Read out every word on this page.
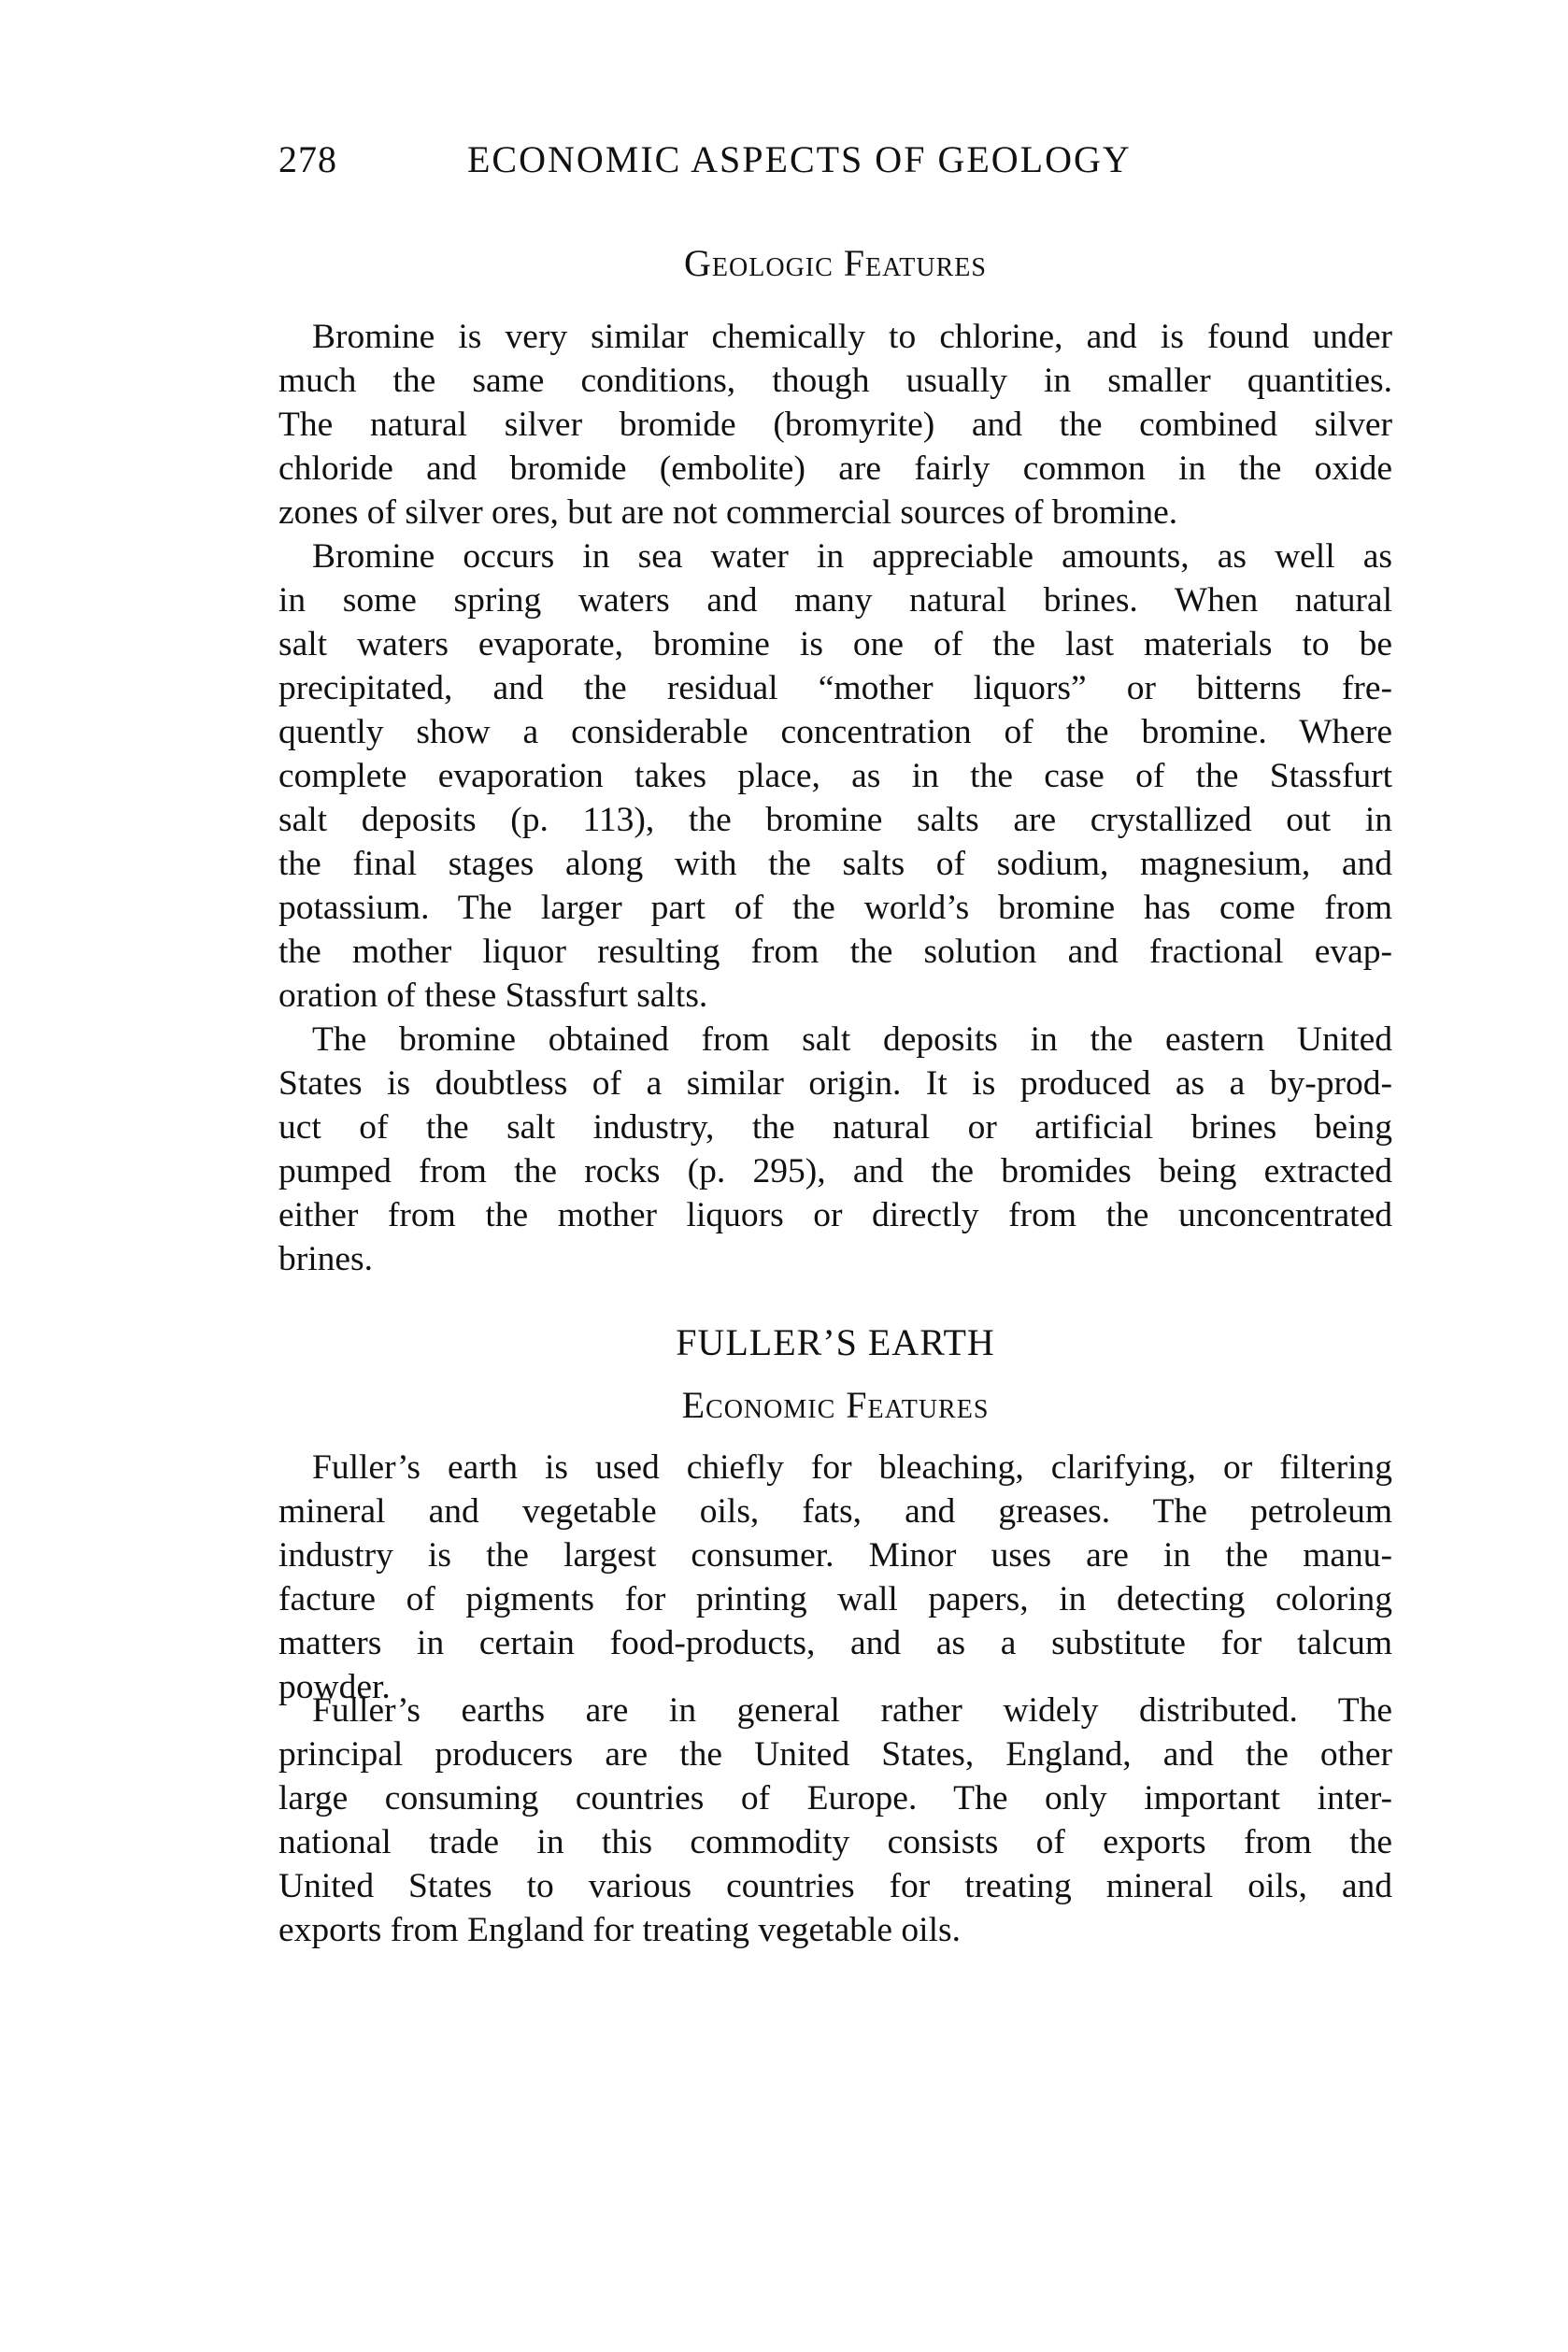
278	ECONOMIC ASPECTS OF GEOLOGY
Geologic Features
Bromine is very similar chemically to chlorine, and is found under
much the same conditions, though usually in smaller quantities.
The natural silver bromide (bromyrite) and the combined silver
chloride and bromide (embolite) are fairly common in the oxide
zones of silver ores, but are not commercial sources of bromine.
Bromine occurs in sea water in appreciable amounts, as well as
in some spring waters and many natural brines. When natural
salt waters evaporate, bromine is one of the last materials to be
precipitated, and the residual “mother liquors” or bitterns fre-
quently show a considerable concentration of the bromine. Where
complete evaporation takes place, as in the case of the Stassfurt
salt deposits (p. 113), the bromine salts are crystallized out in
the final stages along with the salts of sodium, magnesium, and
potassium. The larger part of the world’s bromine has come from
the mother liquor resulting from the solution and fractional evap-
oration of these Stassfurt salts.
The bromine obtained from salt deposits in the eastern United
States is doubtless of a similar origin. It is produced as a by-prod-
uct of the salt industry, the natural or artificial brines being
pumped from the rocks (p. 295), and the bromides being extracted
either from the mother liquors or directly from the unconcentrated
brines.
FULLER’S EARTH
Economic Features
Fuller’s earth is used chiefly for bleaching, clarifying, or filtering
mineral and vegetable oils, fats, and greases. The petroleum
industry is the largest consumer. Minor uses are in the manu-
facture of pigments for printing wall papers, in detecting coloring
matters in certain food-products, and as a substitute for talcum
powder.
Fuller’s earths are in general rather widely distributed. The
principal producers are the United States, England, and the other
large consuming countries of Europe. The only important inter-
national trade in this commodity consists of exports from the
United States to various countries for treating mineral oils, and
exports from England for treating vegetable oils.
